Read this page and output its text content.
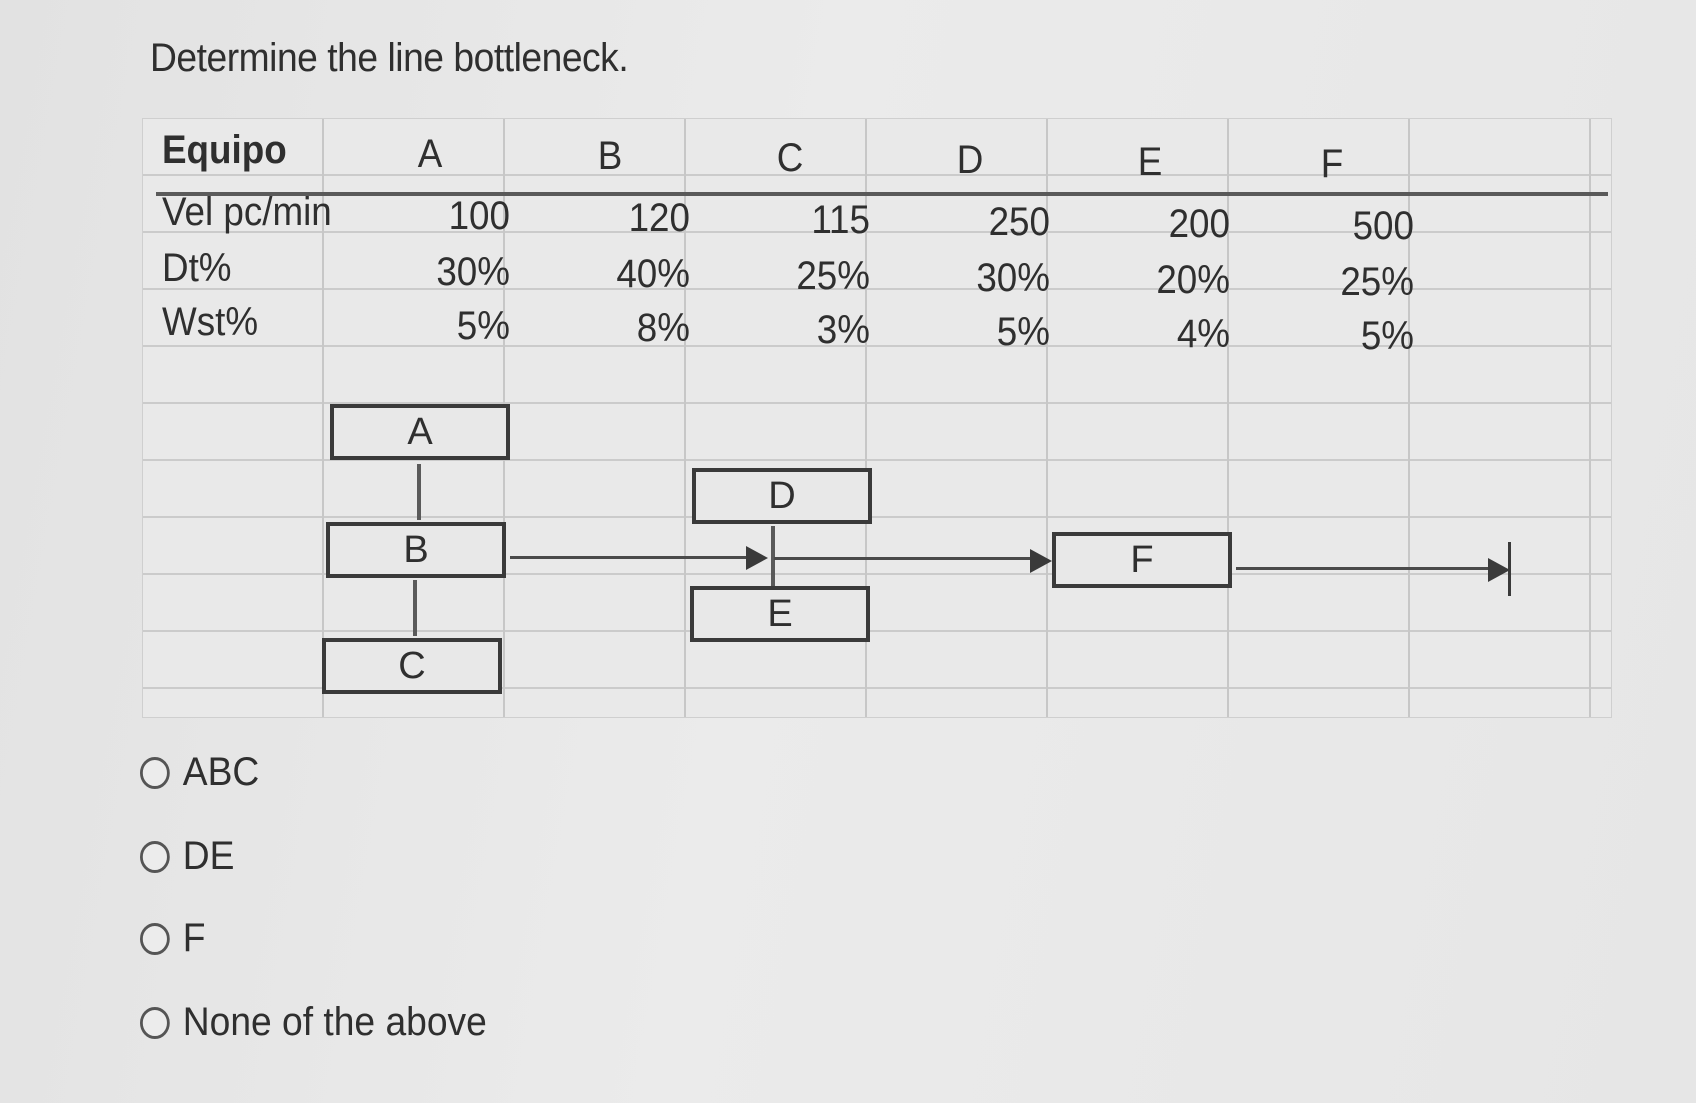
Determine the line bottleneck.
Equipo	A	B	C	D	E	F
Vel pc/min	100	120	115	250	200	500
Dt%	30%	40%	25%	30%	20%	25%
Wst%	5%	8%	3%	5%	4%	5%
A
B
C
D
E
F
ABC
DE
F
None of the above
